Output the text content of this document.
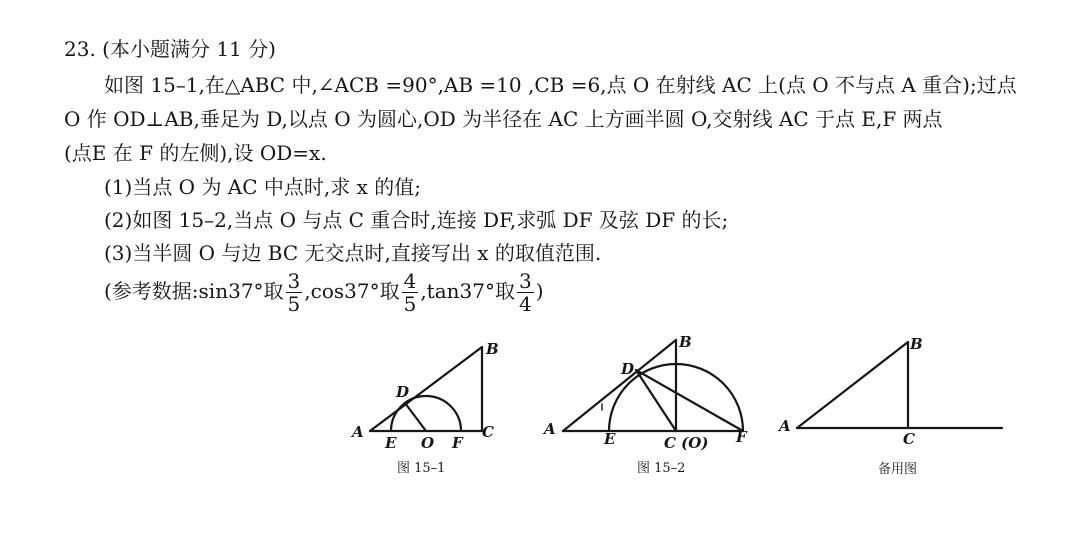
23. (本小题满分 11 分)
如图 15–1,在△ABC 中,∠ACB =90°,AB =10 ,CB =6,点 O 在射线 AC 上(点 O 不与点 A 重合);过点
O 作 OD⊥AB,垂足为 D,以点 O 为圆心,OD 为半径在 AC 上方画半圆 O,交射线 AC 于点 E,F 两点
(点E 在 F 的左侧),设 OD=x.
(1)当点 O 为 AC 中点时,求 x 的值;
(2)如图 15–2,当点 O 与点 C 重合时,连接 DF,求弧 DF 及弦 DF 的长;
(3)当半圆 O 与边 BC 无交点时,直接写出 x 的取值范围.
(参考数据:sin37°取 $\frac{3}{5} ,\cos 37^\circ$取 $\frac{4}{5} ,\tan 37^\circ$取 $\frac{3}{4}$ )
A
B
C
D
E O F
图 15–1
A
B
D
E	C (O) F
图 15–2
A
B
C
备用图
